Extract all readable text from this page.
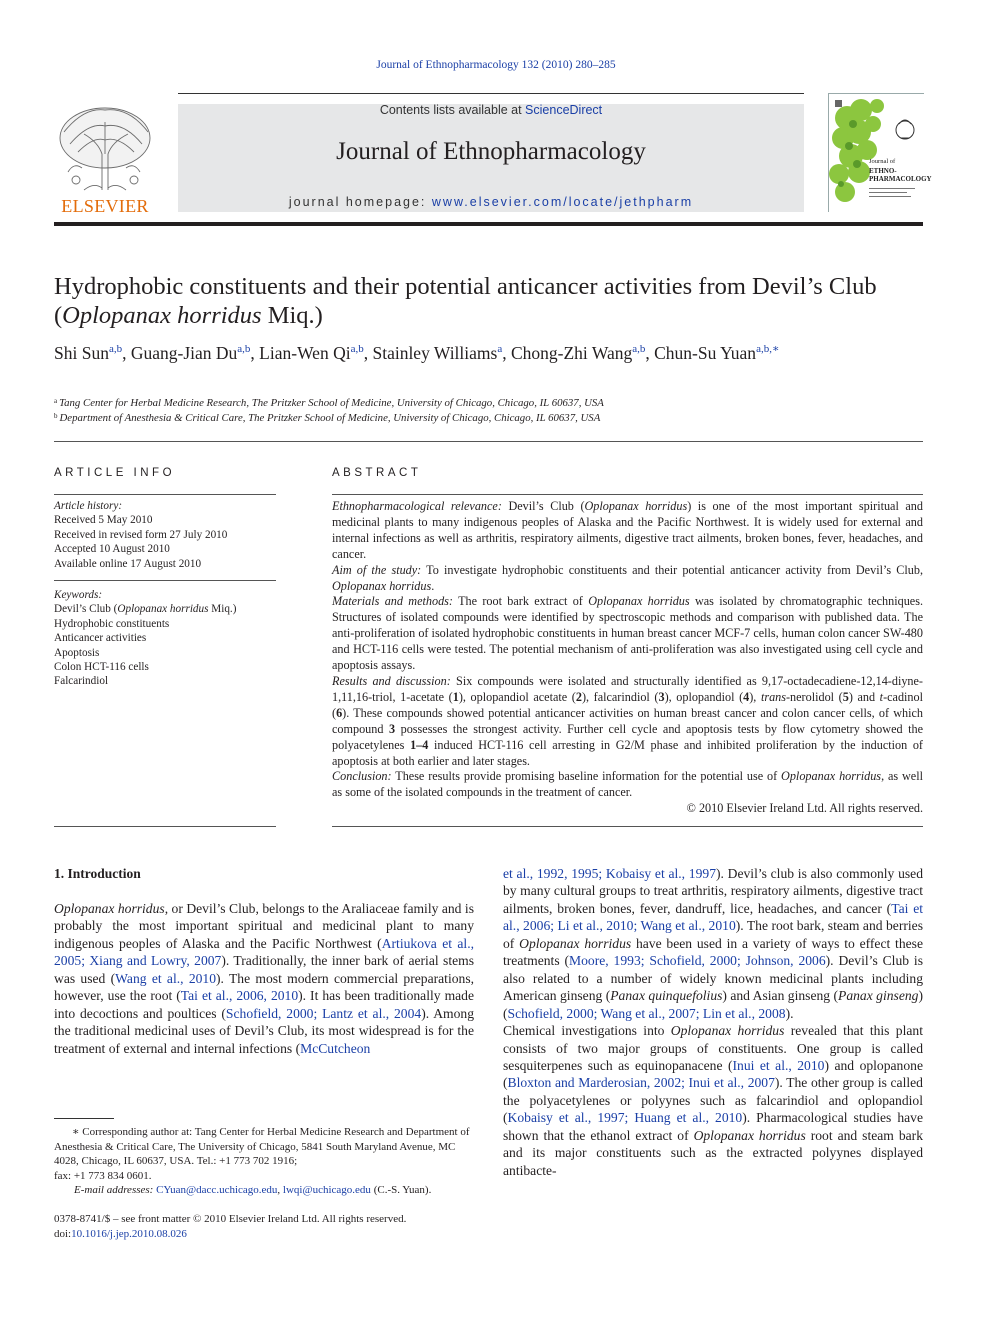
Journal of Ethnopharmacology 132 (2010) 280–285
ELSEVIER
Contents lists available at ScienceDirect
Journal of Ethnopharmacology
journal homepage: www.elsevier.com/locate/jethpharm
Journal of
ETHNO-
PHARMACOLOGY
Hydrophobic constituents and their potential anticancer activities from Devil’s Club (Oplopanax horridus Miq.)
Shi Sun$^{a,b}$, Guang-Jian Du$^{a,b}$, Lian-Wen Qi$^{a,b}$, Stainley Williams$^a$, Chong-Zhi Wang$^{a,b}$, Chun-Su Yuan$^{a,b,∗}$
$^a$ Tang Center for Herbal Medicine Research, The Pritzker School of Medicine, University of Chicago, Chicago, IL 60637, USA
$^b$ Department of Anesthesia & Critical Care, The Pritzker School of Medicine, University of Chicago, Chicago, IL 60637, USA
ARTICLE INFO
Article history:
Received 5 May 2010
Received in revised form 27 July 2010
Accepted 10 August 2010
Available online 17 August 2010
Keywords:
Devil’s Club (Oplopanax horridus Miq.)
Hydrophobic constituents
Anticancer activities
Apoptosis
Colon HCT-116 cells
Falcarindiol
ABSTRACT
Ethnopharmacological relevance: Devil’s Club (Oplopanax horridus) is one of the most important spiritual and medicinal plants to many indigenous peoples of Alaska and the Pacific Northwest. It is widely used for external and internal infections as well as arthritis, respiratory ailments, digestive tract ailments, broken bones, fever, headaches, and cancer.
Aim of the study: To investigate hydrophobic constituents and their potential anticancer activity from Devil’s Club, Oplopanax horridus.
Materials and methods: The root bark extract of Oplopanax horridus was isolated by chromatographic techniques. Structures of isolated compounds were identified by spectroscopic methods and comparison with published data. The anti-proliferation of isolated hydrophobic constituents in human breast cancer MCF-7 cells, human colon cancer SW-480 and HCT-116 cells were tested. The potential mechanism of anti-proliferation was also investigated using cell cycle and apoptosis assays.
Results and discussion: Six compounds were isolated and structurally identified as 9,17-octadecadiene-12,14-diyne-1,11,16-triol, 1-acetate (1), oplopandiol acetate (2), falcarindiol (3), oplopandiol (4), trans-nerolidol (5) and t-cadinol (6). These compounds showed potential anticancer activities on human breast cancer and colon cancer cells, of which compound 3 possesses the strongest activity. Further cell cycle and apoptosis tests by flow cytometry showed the polyacetylenes 1–4 induced HCT-116 cell arresting in G2/M phase and inhibited proliferation by the induction of apoptosis at both earlier and later stages.
Conclusion: These results provide promising baseline information for the potential use of Oplopanax horridus, as well as some of the isolated compounds in the treatment of cancer.
© 2010 Elsevier Ireland Ltd. All rights reserved.
1. Introduction

Oplopanax horridus, or Devil’s Club, belongs to the Araliaceae family and is probably the most important spiritual and medicinal plant to many indigenous peoples of Alaska and the Pacific Northwest (Artiukova et al., 2005; Xiang and Lowry, 2007). Traditionally, the inner bark of aerial stems was used (Wang et al., 2010). The most modern commercial preparations, however, use the root (Tai et al., 2006, 2010). It has been traditionally made into decoctions and poultices (Schofield, 2000; Lantz et al., 2004). Among the traditional medicinal uses of Devil’s Club, its most widespread is for the treatment of external and internal infections (McCutcheon

et al., 1992, 1995; Kobaisy et al., 1997). Devil’s club is also commonly used by many cultural groups to treat arthritis, respiratory ailments, digestive tract ailments, broken bones, fever, dandruff, lice, headaches, and cancer (Tai et al., 2006; Li et al., 2010; Wang et al., 2010). The root bark, steam and berries of Oplopanax horridus have been used in a variety of ways to effect these treatments (Moore, 1993; Schofield, 2000; Johnson, 2006). Devil’s Club is also related to a number of widely known medicinal plants including American ginseng (Panax quinquefolius) and Asian ginseng (Panax ginseng) (Schofield, 2000; Wang et al., 2007; Lin et al., 2008).

Chemical investigations into Oplopanax horridus revealed that this plant consists of two major groups of constituents. One group is called sesquiterpenes such as equinopanacene (Inui et al., 2010) and oplopanone (Bloxton and Marderosian, 2002; Inui et al., 2007). The other group is called the polyacetylenes or polyynes such as falcarindiol and oplopandiol (Kobaisy et al., 1997; Huang et al., 2010). Pharmacological studies have shown that the ethanol extract of Oplopanax horridus root and steam bark and its major constituents such as the extracted polyynes displayed antibacte-

∗ Corresponding author at: Tang Center for Herbal Medicine Research and Department of Anesthesia & Critical Care, The University of Chicago, 5841 South Maryland Avenue, MC 4028, Chicago, IL 60637, USA. Tel.: +1 773 702 1916;
fax: +1 773 834 0601.
E-mail addresses: CYuan@dacc.uchicago.edu, lwqi@uchicago.edu (C.-S. Yuan).
0378-8741/$ – see front matter © 2010 Elsevier Ireland Ltd. All rights reserved.
doi:10.1016/j.jep.2010.08.026
